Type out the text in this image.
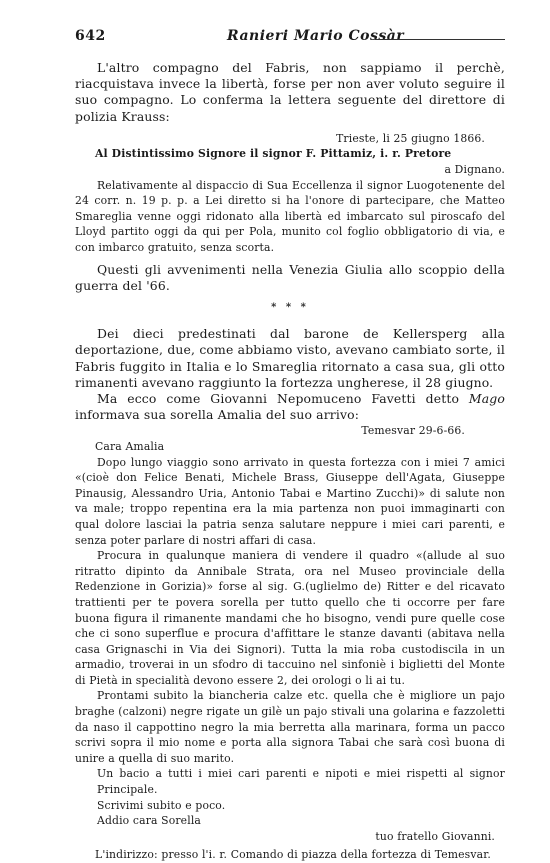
642	Ranieri Mario Cossàr

L'altro compagno del Fabris, non sappiamo il perchè, riacquistava invece la libertà, forse per non aver voluto seguire il suo compagno. Lo conferma la lettera seguente del direttore di polizia Krauss:

Trieste, li 25 giugno 1866.

Al Distintissimo Signore il signor F. Pittamiz, i. r. Pretore

a Dignano.

Relativamente al dispaccio di Sua Eccellenza il signor Luogotenente del 24 corr. n. 19 p. p. a Lei diretto si ha l'onore di partecipare, che Matteo Smareglia venne oggi ridonato alla libertà ed imbarcato sul piroscafo del Lloyd partito oggi da qui per Pola, munito col foglio obbligatorio di via, e con imbarco gratuito, senza scorta.

Questi gli avvenimenti nella Venezia Giulia allo scoppio della guerra del '66.

* * *

Dei dieci predestinati dal barone de Kellersperg alla deportazione, due, come abbiamo visto, avevano cambiato sorte, il Fabris fuggito in Italia e lo Smareglia ritornato a casa sua, gli otto rimanenti avevano raggiunto la fortezza ungherese, il 28 giugno.

Ma ecco come Giovanni Nepomuceno Favetti detto Mago informava sua sorella Amalia del suo arrivo:

Temesvar 29-6-66.

Cara Amalia

Dopo lungo viaggio sono arrivato in questa fortezza con i miei 7 amici «(cioè don Felice Benati, Michele Brass, Giuseppe dell'Agata, Giuseppe Pinausig, Alessandro Uria, Antonio Tabai e Martino Zucchi)» di salute non va male; troppo repentina era la mia partenza non puoi immaginarti con qual dolore lasciai la patria senza salutare neppure i miei cari parenti, e senza poter parlare di nostri affari di casa.

Procura in qualunque maniera di vendere il quadro «(allude al suo ritratto dipinto da Annibale Strata, ora nel Museo provinciale della Redenzione in Gorizia)» forse al sig. G.(uglielmo de) Ritter e del ricavato trattienti per te povera sorella per tutto quello che ti occorre per fare buona figura il rimanente mandami che ho bisogno, vendi pure quelle cose che ci sono superflue e procura d'affittare le stanze davanti (abitava nella casa Grignaschi in Via dei Signori). Tutta la mia roba custodiscila in un armadio, troverai in un sfodro di taccuino nel sinfoniè i biglietti del Monte di Pietà in specialità devono essere 2, dei orologi o li ai tu.

Prontami subito la biancheria calze etc. quella che è migliore un pajo braghe (calzoni) negre rigate un gilè un pajo stivali una golarina e fazzoletti da naso il cappottino negro la mia berretta alla marinara, forma un pacco scrivi sopra il mio nome e porta alla signora Tabai che sarà così buona di unire a quella di suo marito.

Un bacio a tutti i miei cari parenti e nipoti e miei rispetti al signor Principale.

Scrivimi subito e poco.

Addio cara Sorella

tuo fratello Giovanni.

L'indirizzo: presso l'i. r. Comando di piazza della fortezza di Temesvar.
